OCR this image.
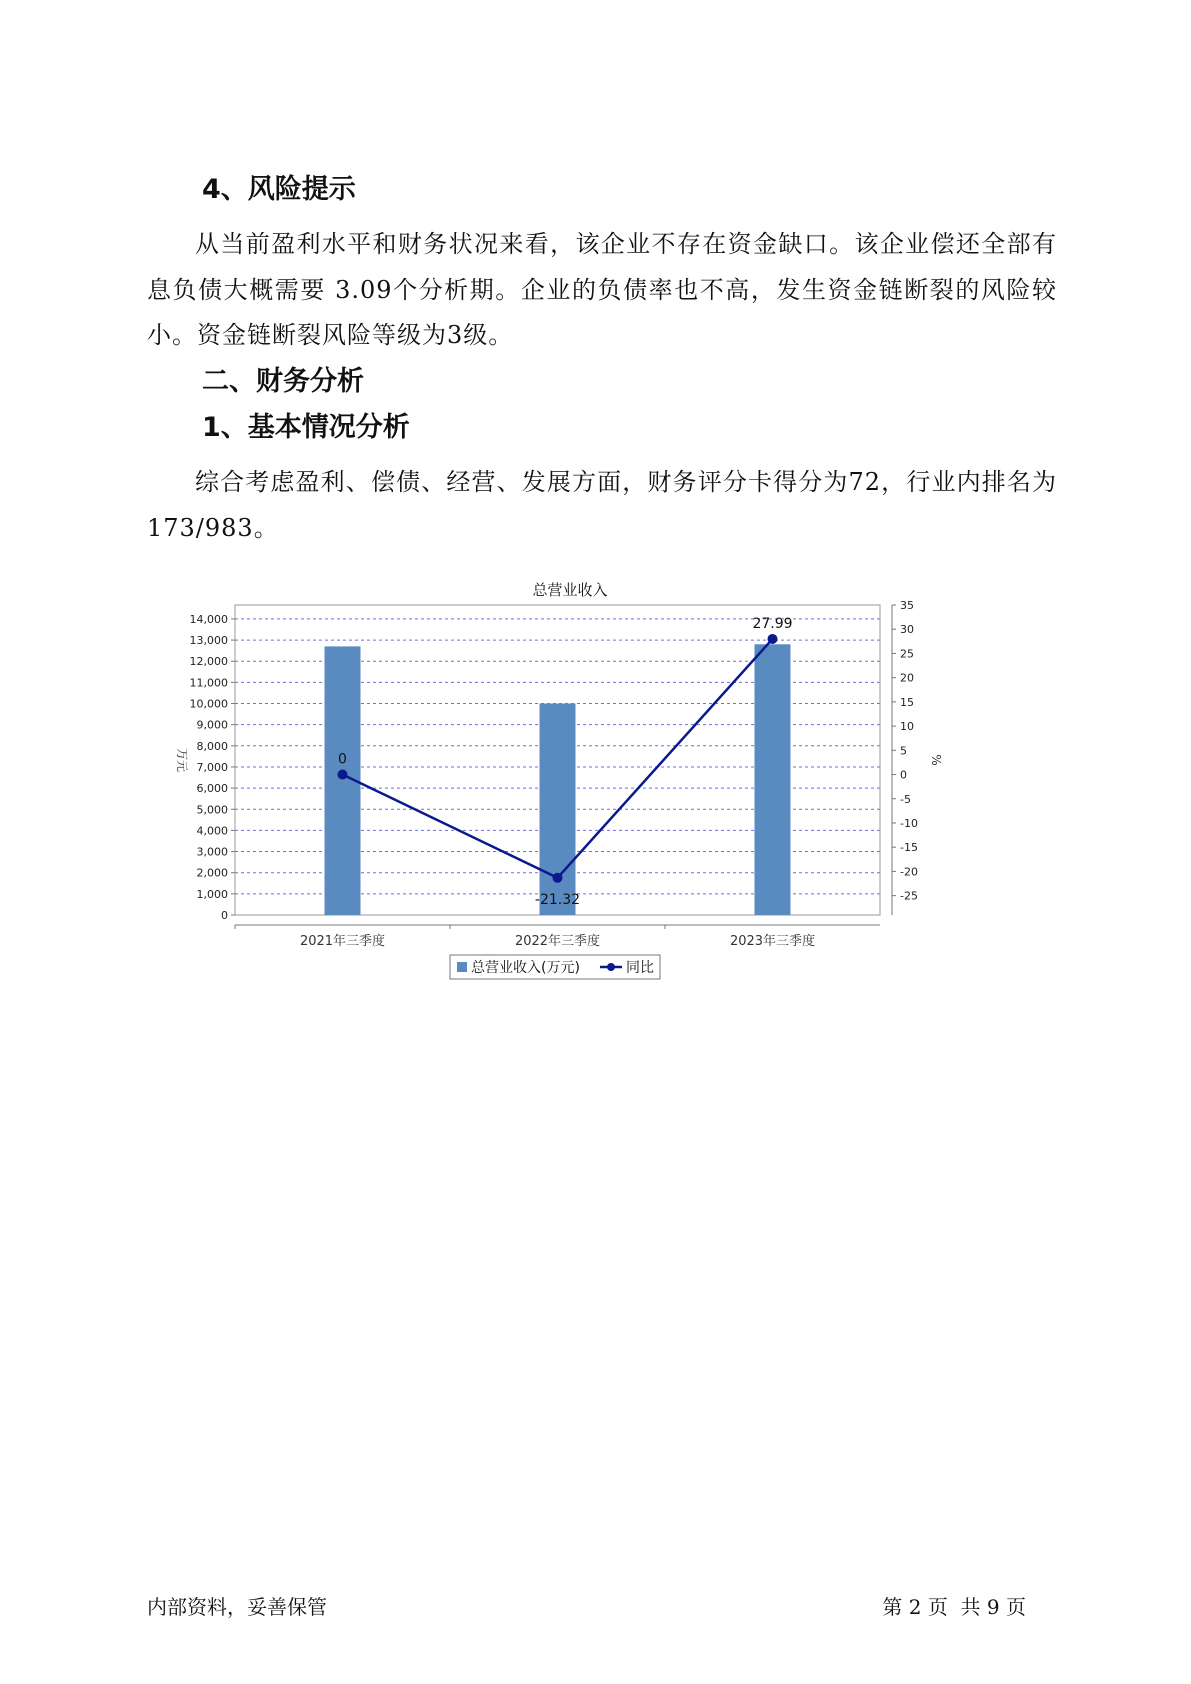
4、风险提示

从当前盈利水平和财务状况来看，该企业不存在资金缺口。该企业偿还全部有息负债大概需要 3.09个分析期。企业的负债率也不高，发生资金链断裂的风险较小。资金链断裂风险等级为3级。

二、财务分析
1、基本情况分析

综合考虑盈利、偿债、经营、发展方面，财务评分卡得分为72，行业内排名为173/983。

总营业收入
0
1,000
2,000
3,000
4,000
5,000
6,000
7,000
8,000
9,000
10,000
11,000
12,000
13,000
14,000
-25
-20
-15
-10
-5
0
5
10
15
20
25
30
35
2021年三季度	2022年三季度	2023年三季度
0
-21.32
27.99
万元	%
总营业收入(万元)	同比
内部资料，妥善保管	第 2 页  共 9 页
